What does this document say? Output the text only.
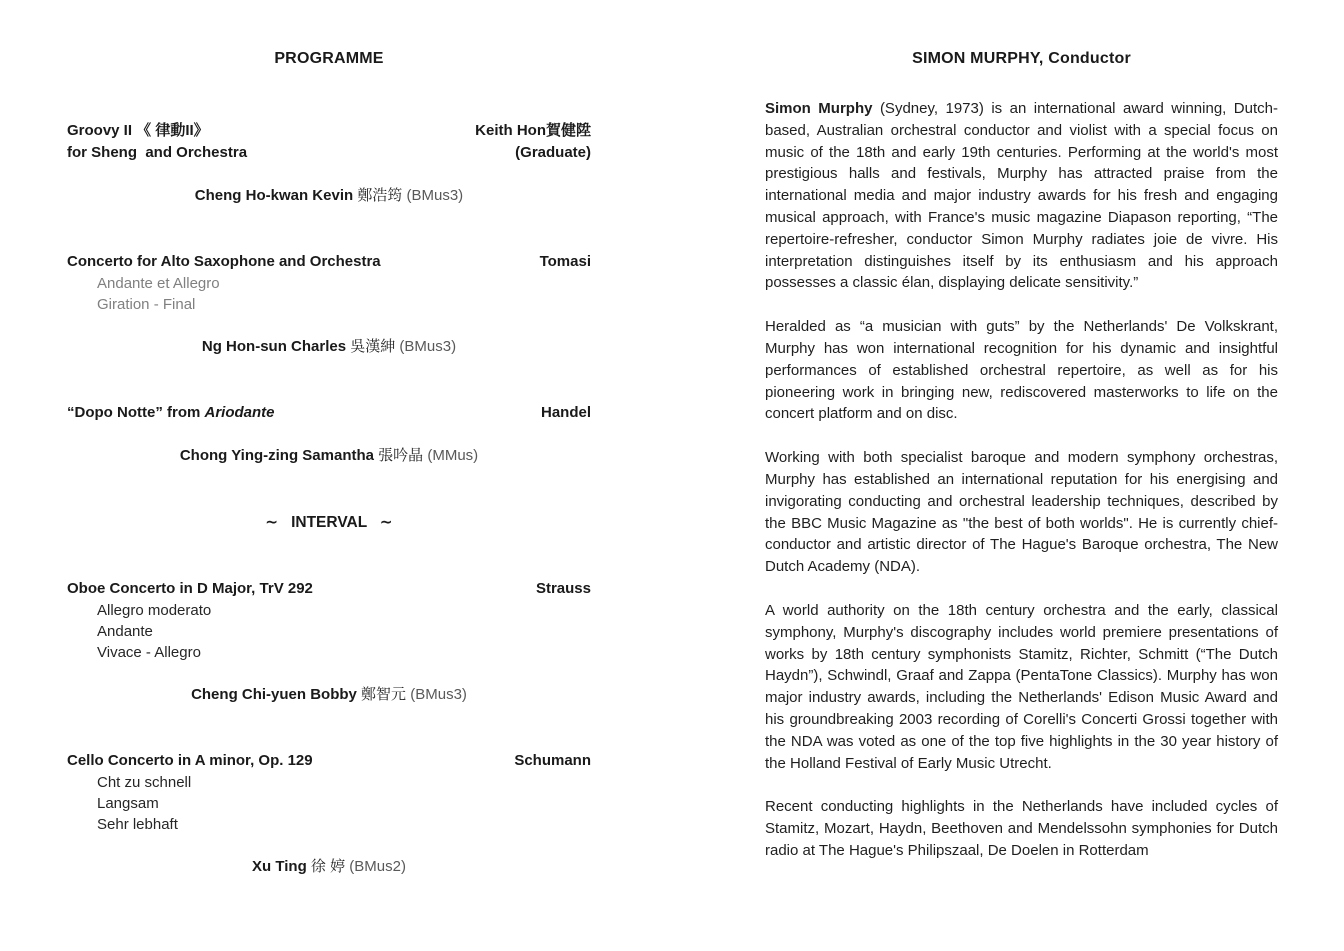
PROGRAMME
Groovy II 《 律動II》	Keith Hon賀健陞
for Sheng  and Orchestra	(Graduate)
Cheng Ho-kwan Kevin 鄭浩筠 (BMus3)
Concerto for Alto Saxophone and Orchestra	Tomasi
Andante et Allegro
Giration - Final
Ng Hon-sun Charles 吳漢紳 (BMus3)
“Dopo Notte” from Ariodante	Handel
Chong Ying-zing Samantha 張吟晶 (MMus)
∼   INTERVAL   ∼
Oboe Concerto in D Major, TrV 292	Strauss
Allegro moderato
Andante
Vivace - Allegro
Cheng Chi-yuen Bobby 鄭智元 (BMus3)
Cello Concerto in A minor, Op. 129	Schumann
Cht zu schnell
Langsam
Sehr lebhaft
Xu Ting 徐 婷 (BMus2)
SIMON MURPHY, Conductor

Simon Murphy (Sydney, 1973) is an international award winning, Dutch-based, Australian orchestral conductor and violist with a special focus on music of the 18th and early 19th centuries. Performing at the world's most prestigious halls and festivals, Murphy has attracted praise from the international media and major industry awards for his fresh and engaging musical approach, with France's music magazine Diapason reporting, “The repertoire-refresher, conductor Simon Murphy radiates joie de vivre. His interpretation distinguishes itself by its enthusiasm and his approach possesses a classic élan, displaying delicate sensitivity.”

Heralded as “a musician with guts” by the Netherlands' De Volkskrant, Murphy has won international recognition for his dynamic and insightful performances of established orchestral repertoire, as well as for his pioneering work in bringing new, rediscovered masterworks to life on the concert platform and on disc.

Working with both specialist baroque and modern symphony orchestras, Murphy has established an international reputation for his energising and invigorating conducting and orchestral leadership techniques, described by the BBC Music Magazine as "the best of both worlds". He is currently chief-conductor and artistic director of The Hague's Baroque orchestra, The New Dutch Academy (NDA).

A world authority on the 18th century orchestra and the early, classical symphony, Murphy's discography includes world premiere presentations of works by 18th century symphonists Stamitz, Richter, Schmitt (“The Dutch Haydn”), Schwindl, Graaf and Zappa (PentaTone Classics). Murphy has won major industry awards, including the Netherlands' Edison Music Award and his groundbreaking 2003 recording of Corelli's Concerti Grossi together with the NDA was voted as one of the top five highlights in the 30 year history of the Holland Festival of Early Music Utrecht.

Recent conducting highlights in the Netherlands have included cycles of Stamitz, Mozart, Haydn, Beethoven and Mendelssohn symphonies for Dutch radio at The Hague's Philipszaal, De Doelen in Rotterdam
